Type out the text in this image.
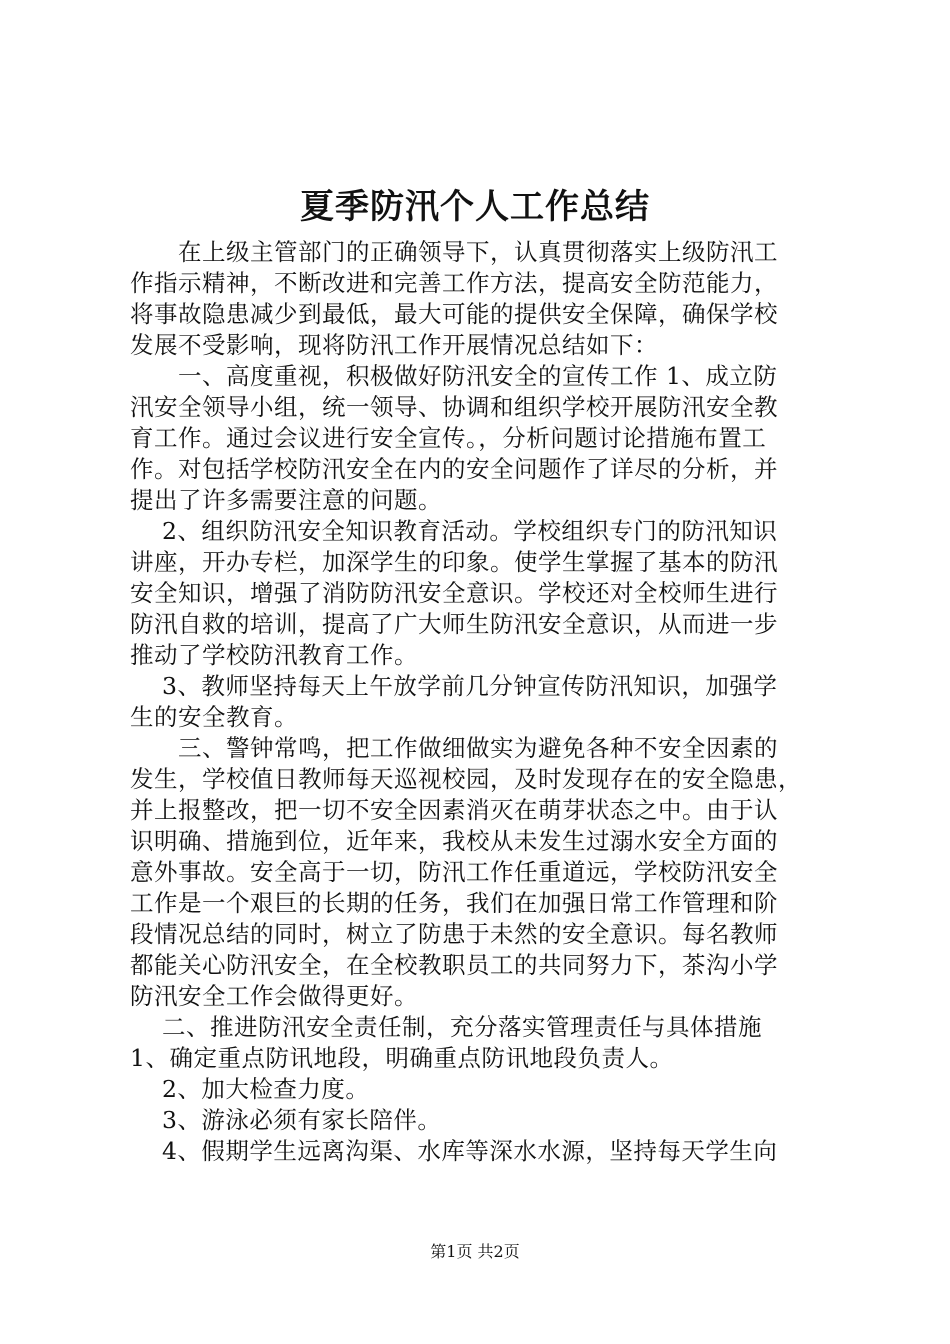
夏季防汛个人工作总结
　　在上级主管部门的正确领导下，认真贯彻落实上级防汛工
作指示精神，不断改进和完善工作方法，提高安全防范能力，
将事故隐患减少到最低，最大可能的提供安全保障，确保学校
发展不受影响，现将防汛工作开展情况总结如下：
　　一、高度重视，积极做好防汛安全的宣传工作 1、成立防
汛安全领导小组，统一领导、协调和组织学校开展防汛安全教
育工作。通过会议进行安全宣传。，分析问题讨论措施布置工
作。对包括学校防汛安全在内的安全问题作了详尽的分析，并
提出了许多需要注意的问题。
　 2、组织防汛安全知识教育活动。学校组织专门的防汛知识
讲座，开办专栏，加深学生的印象。使学生掌握了基本的防汛
安全知识，增强了消防防汛安全意识。学校还对全校师生进行
防汛自救的培训，提高了广大师生防汛安全意识，从而进一步
推动了学校防汛教育工作。
　 3、教师坚持每天上午放学前几分钟宣传防汛知识，加强学
生的安全教育。
　　三、警钟常鸣，把工作做细做实为避免各种不安全因素的
发生，学校值日教师每天巡视校园，及时发现存在的安全隐患，
并上报整改，把一切不安全因素消灭在萌芽状态之中。由于认
识明确、措施到位，近年来，我校从未发生过溺水安全方面的
意外事故。安全高于一切，防汛工作任重道远，学校防汛安全
工作是一个艰巨的长期的任务，我们在加强日常工作管理和阶
段情况总结的同时，树立了防患于未然的安全意识。每名教师
都能关心防汛安全，在全校教职员工的共同努力下，茶沟小学
防汛安全工作会做得更好。
　 二、推进防汛安全责任制，充分落实管理责任与具体措施
1、确定重点防讯地段，明确重点防讯地段负责人。
　 2、加大检查力度。
　 3、游泳必须有家长陪伴。
　 4、假期学生远离沟渠、水库等深水水源，坚持每天学生向
第1页 共2页
